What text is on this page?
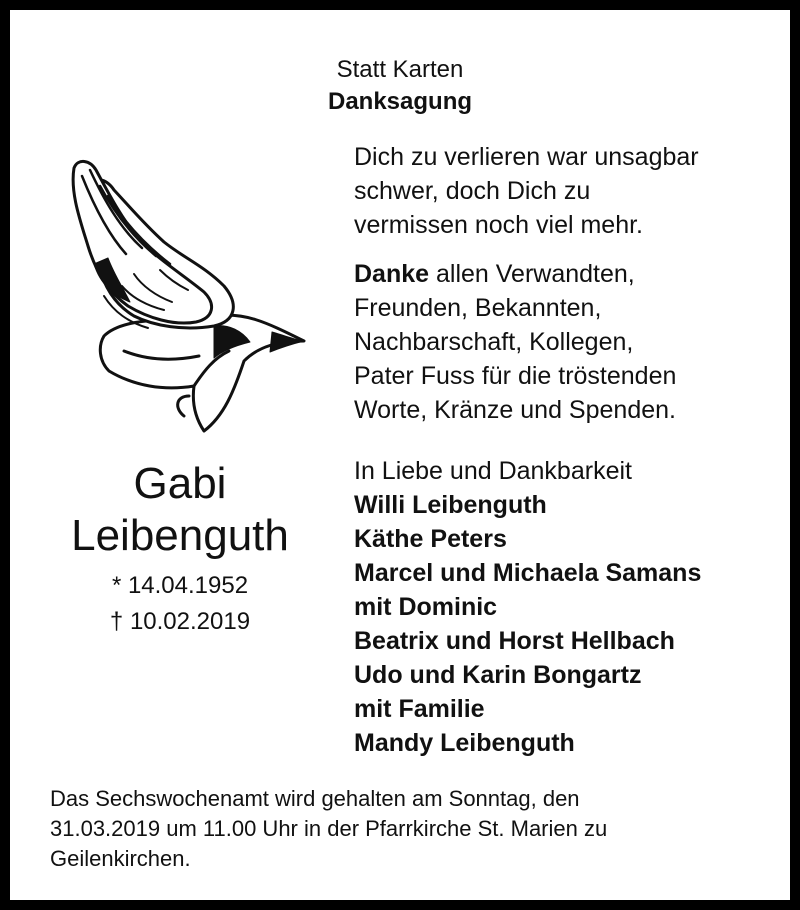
Statt Karten
Danksagung
Gabi
Leibenguth
* 14.04.1952
† 10.02.2019
Dich zu verlieren war unsagbar
schwer, doch Dich zu
vermissen noch viel mehr.
Danke allen Verwandten,
Freunden, Bekannten,
Nachbarschaft, Kollegen,
Pater Fuss für die tröstenden
Worte, Kränze und Spenden.
In Liebe und Dankbarkeit
Willi Leibenguth
Käthe Peters
Marcel und Michaela Samans
mit Dominic
Beatrix und Horst Hellbach
Udo und Karin Bongartz
mit Familie
Mandy Leibenguth
Das Sechswochenamt wird gehalten am Sonntag, den
31.03.2019 um 11.00 Uhr in der Pfarrkirche St. Marien zu
Geilenkirchen.
